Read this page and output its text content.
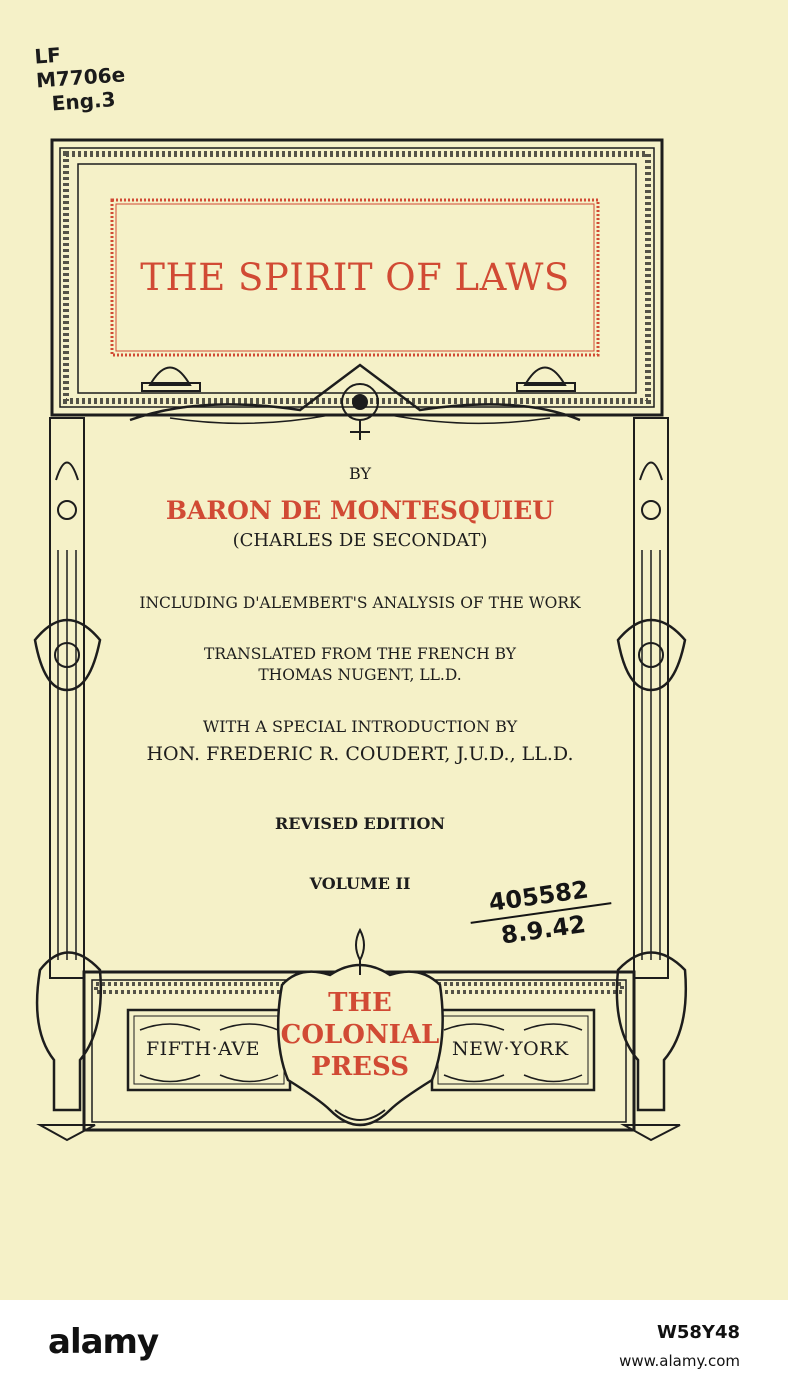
LF
M7706e
Eng.3
THE SPIRIT OF LAWS
BY
BARON DE MONTESQUIEU
(CHARLES DE SECONDAT)
INCLUDING D'ALEMBERT'S ANALYSIS OF THE WORK
TRANSLATED FROM THE FRENCH BY
THOMAS NUGENT, LL.D.
WITH A SPECIAL INTRODUCTION BY
HON. FREDERIC R. COUDERT, J.U.D., LL.D.
REVISED EDITION
VOLUME II	405582
8.9.42
FIFTH·AVE	NEW·YORK
THE
COLONIAL
PRESS
alamy	W58Y48
www.alamy.com
